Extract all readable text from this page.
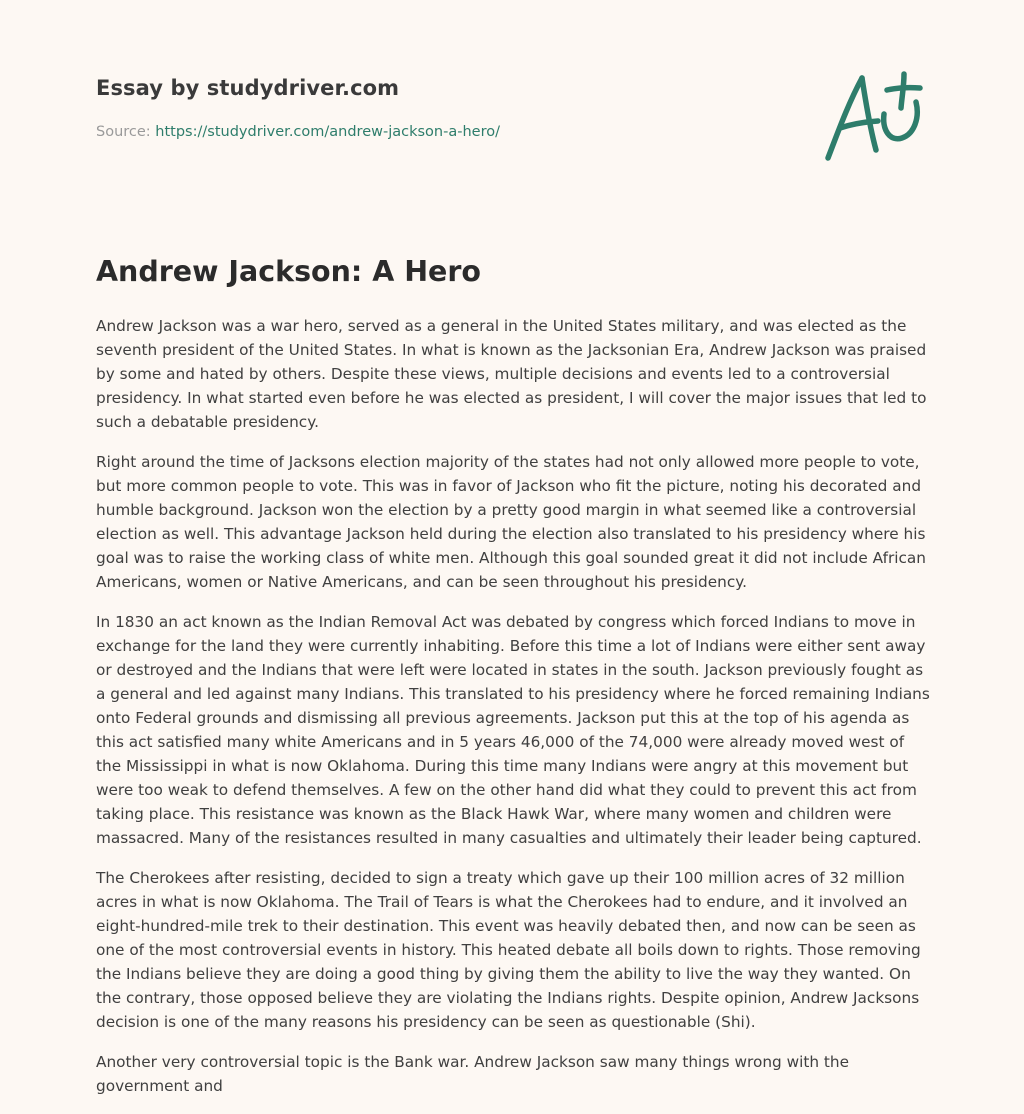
Essay by studydriver.com

Source: https://studydriver.com/andrew-jackson-a-hero/

Andrew Jackson: A Hero

Andrew Jackson was a war hero, served as a general in the United States military, and was elected as the seventh president of the United States. In what is known as the Jacksonian Era, Andrew Jackson was praised by some and hated by others. Despite these views, multiple decisions and events led to a controversial presidency. In what started even before he was elected as president, I will cover the major issues that led to such a debatable presidency.

Right around the time of Jacksons election majority of the states had not only allowed more people to vote, but more common people to vote. This was in favor of Jackson who fit the picture, noting his decorated and humble background. Jackson won the election by a pretty good margin in what seemed like a controversial election as well. This advantage Jackson held during the election also translated to his presidency where his goal was to raise the working class of white men. Although this goal sounded great it did not include African Americans, women or Native Americans, and can be seen throughout his presidency.

In 1830 an act known as the Indian Removal Act was debated by congress which forced Indians to move in exchange for the land they were currently inhabiting. Before this time a lot of Indians were either sent away or destroyed and the Indians that were left were located in states in the south. Jackson previously fought as a general and led against many Indians. This translated to his presidency where he forced remaining Indians onto Federal grounds and dismissing all previous agreements. Jackson put this at the top of his agenda as this act satisfied many white Americans and in 5 years 46,000 of the 74,000 were already moved west of the Mississippi in what is now Oklahoma. During this time many Indians were angry at this movement but were too weak to defend themselves. A few on the other hand did what they could to prevent this act from taking place. This resistance was known as the Black Hawk War, where many women and children were massacred. Many of the resistances resulted in many casualties and ultimately their leader being captured.

The Cherokees after resisting, decided to sign a treaty which gave up their 100 million acres of 32 million acres in what is now Oklahoma. The Trail of Tears is what the Cherokees had to endure, and it involved an eight-hundred-mile trek to their destination. This event was heavily debated then, and now can be seen as one of the most controversial events in history. This heated debate all boils down to rights. Those removing the Indians believe they are doing a good thing by giving them the ability to live the way they wanted. On the contrary, those opposed believe they are violating the Indians rights. Despite opinion, Andrew Jacksons decision is one of the many reasons his presidency can be seen as questionable (Shi).

Another very controversial topic is the Bank war. Andrew Jackson saw many things wrong with the government and
